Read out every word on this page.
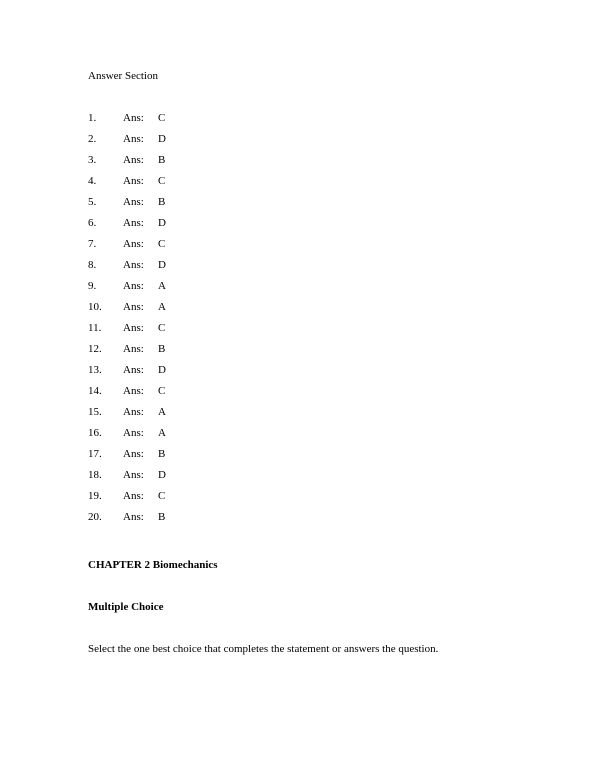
Answer Section
1. Ans: C
2. Ans: D
3. Ans: B
4. Ans: C
5. Ans: B
6. Ans: D
7. Ans: C
8. Ans: D
9. Ans: A
10. Ans: A
11. Ans: C
12. Ans: B
13. Ans: D
14. Ans: C
15. Ans: A
16. Ans: A
17. Ans: B
18. Ans: D
19. Ans: C
20. Ans: B
CHAPTER 2 Biomechanics
Multiple Choice
Select the one best choice that completes the statement or answers the question.
